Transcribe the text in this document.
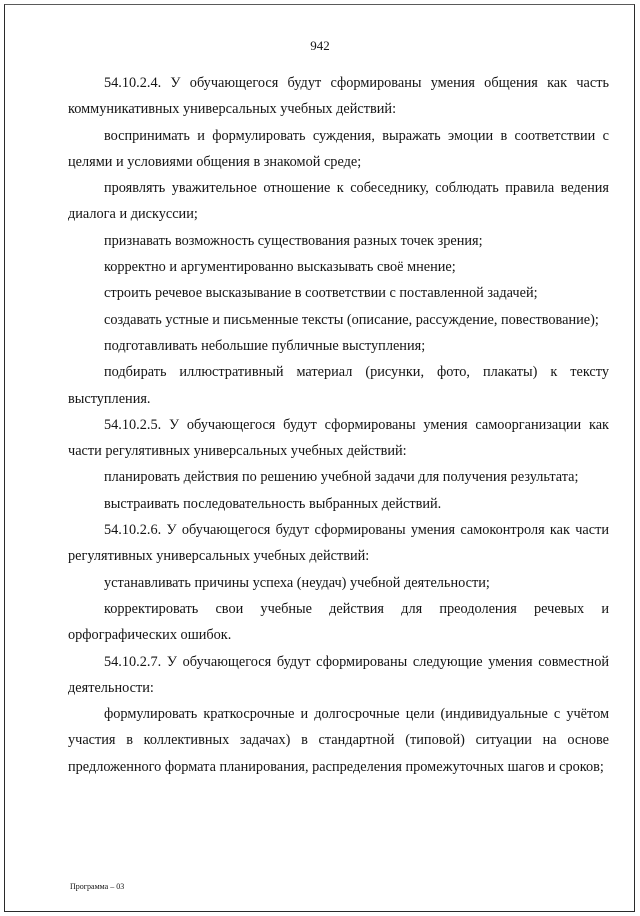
942

54.10.2.4. У обучающегося будут сформированы умения общения как часть коммуникативных универсальных учебных действий:

воспринимать и формулировать суждения, выражать эмоции в соответствии с целями и условиями общения в знакомой среде;

проявлять уважительное отношение к собеседнику, соблюдать правила ведения диалога и дискуссии;

признавать возможность существования разных точек зрения;

корректно и аргументированно высказывать своё мнение;

строить речевое высказывание в соответствии с поставленной задачей;

создавать устные и письменные тексты (описание, рассуждение, повествование);

подготавливать небольшие публичные выступления;

подбирать иллюстративный материал (рисунки, фото, плакаты) к тексту выступления.

54.10.2.5. У обучающегося будут сформированы умения самоорганизации как части регулятивных универсальных учебных действий:

планировать действия по решению учебной задачи для получения результата;

выстраивать последовательность выбранных действий.

54.10.2.6. У обучающегося будут сформированы умения самоконтроля как части регулятивных универсальных учебных действий:

устанавливать причины успеха (неудач) учебной деятельности;

корректировать свои учебные действия для преодоления речевых и орфографических ошибок.

54.10.2.7. У обучающегося будут сформированы следующие умения совместной деятельности:

формулировать краткосрочные и долгосрочные цели (индивидуальные с учётом участия в коллективных задачах) в стандартной (типовой) ситуации на основе предложенного формата планирования, распределения промежуточных шагов и сроков;

Программа – 03
